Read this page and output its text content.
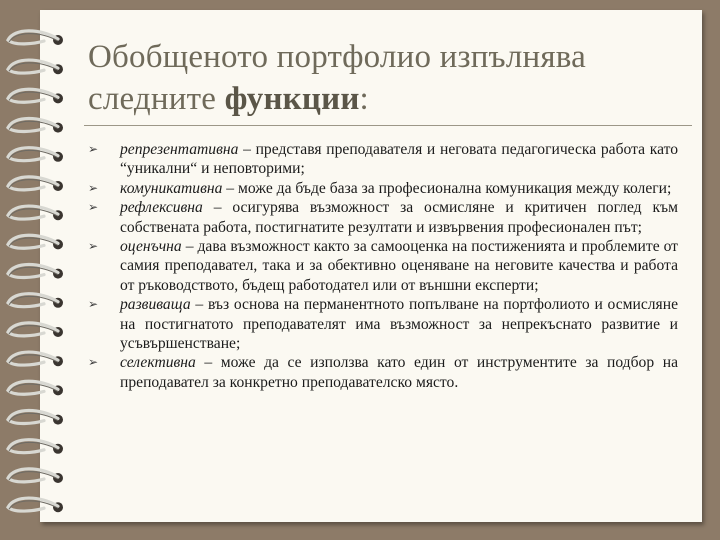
Обобщеното портфолио изпълнява
следните функции:
➢ репрезентативна – представя преподавателя и неговата педагогическа работа като “уникални“ и неповторими;
➢ комуникативна – може да бъде база за професионална комуникация между колеги;
➢ рефлексивна – осигурява възможност за осмисляне и критичен поглед към собствената работа, постигнатите резултати и извървения професионален път;
➢ оценъчна – дава възможност както за самооценка на постиженията и проблемите от самия преподавател, така и за обективно оценяване на неговите качества и работа от ръководството, бъдещ работодател или от външни експерти;
➢ развиваща – въз основа на перманентното попълване на портфолиото и осмисляне на постигнатото преподавателят има възможност за непрекъснато развитие и усъвършенстване;
➢ селективна – може да се използва като един от инструментите за подбор на преподавател за конкретно преподавателско място.
